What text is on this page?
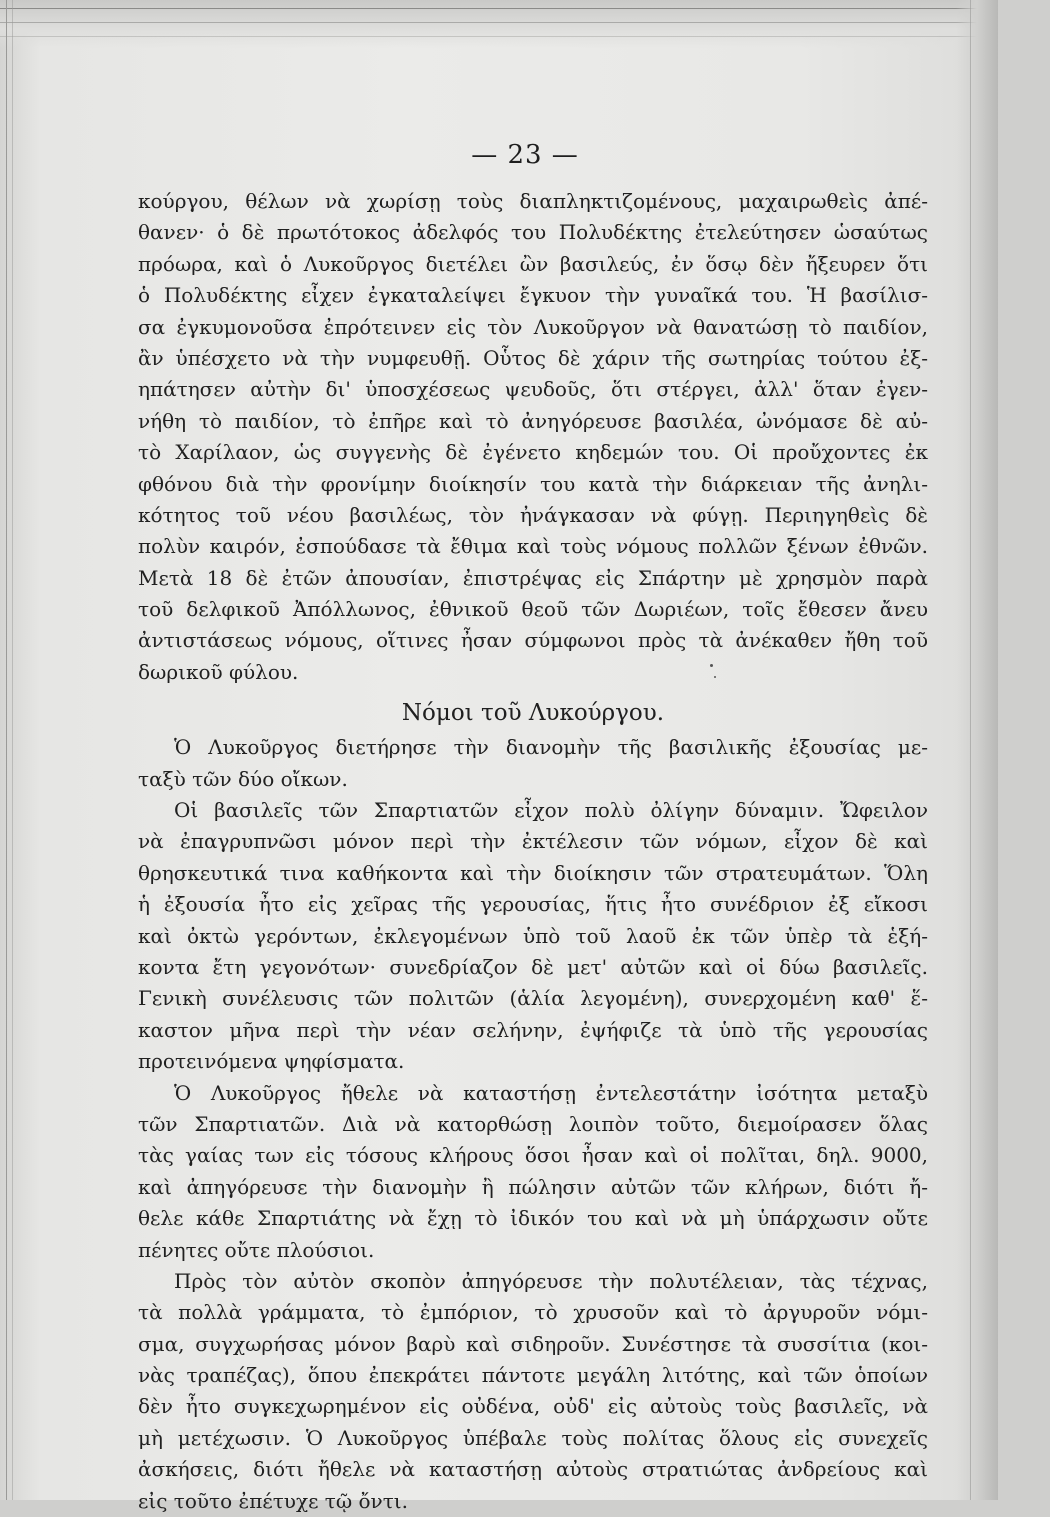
— 23 —
κούργου, θέλων νὰ χωρίσῃ τοὺς διαπληκτιζομένους, μαχαιρωθεὶς ἀπέ-
θανεν· ὁ δὲ πρωτότοκος ἀδελφός του Πολυδέκτης ἐτελεύτησεν ὡσαύτως
πρόωρα, καὶ ὁ Λυκοῦργος διετέλει ὢν βασιλεύς, ἐν ὅσῳ δὲν ἤξευρεν ὅτι
ὁ Πολυδέκτης εἶχεν ἐγκαταλείψει ἔγκυον τὴν γυναῖκά του. Ἡ βασίλισ-
σα ἐγκυμονοῦσα ἐπρότεινεν εἰς τὸν Λυκοῦργον νὰ θανατώσῃ τὸ παιδίον,
ἂν ὑπέσχετο νὰ τὴν νυμφευθῇ. Οὗτος δὲ χάριν τῆς σωτηρίας τούτου ἐξ-
ηπάτησεν αὐτὴν δι' ὑποσχέσεως ψευδοῦς, ὅτι στέργει, ἀλλ' ὅταν ἐγεν-
νήθη τὸ παιδίον, τὸ ἐπῆρε καὶ τὸ ἀνηγόρευσε βασιλέα, ὠνόμασε δὲ αὐ-
τὸ Χαρίλαον, ὡς συγγενὴς δὲ ἐγένετο κηδεμών του. Οἱ προὔχοντες ἐκ
φθόνου διὰ τὴν φρονίμην διοίκησίν του κατὰ τὴν διάρκειαν τῆς ἀνηλι-
κότητος τοῦ νέου βασιλέως, τὸν ἠνάγκασαν νὰ φύγῃ. Περιηγηθεὶς δὲ
πολὺν καιρόν, ἐσπούδασε τὰ ἔθιμα καὶ τοὺς νόμους πολλῶν ξένων ἐθνῶν.
Μετὰ 18 δὲ ἐτῶν ἀπουσίαν, ἐπιστρέψας εἰς Σπάρτην μὲ χρησμὸν παρὰ
τοῦ δελφικοῦ Ἀπόλλωνος, ἐθνικοῦ θεοῦ τῶν Δωριέων, τοῖς ἔθεσεν ἄνευ
ἀντιστάσεως νόμους, οἵτινες ἦσαν σύμφωνοι πρὸς τὰ ἀνέκαθεν ἤθη τοῦ
δωρικοῦ φύλου.
Νόμοι τοῦ Λυκούργου.
Ὁ Λυκοῦργος διετήρησε τὴν διανομὴν τῆς βασιλικῆς ἐξουσίας με-
ταξὺ τῶν δύο οἴκων.
Οἱ βασιλεῖς τῶν Σπαρτιατῶν εἶχον πολὺ ὀλίγην δύναμιν. Ὤφειλον
νὰ ἐπαγρυπνῶσι μόνον περὶ τὴν ἐκτέλεσιν τῶν νόμων, εἶχον δὲ καὶ
θρησκευτικά τινα καθήκοντα καὶ τὴν διοίκησιν τῶν στρατευμάτων. Ὅλη
ἡ ἐξουσία ἦτο εἰς χεῖρας τῆς γερουσίας, ἥτις ἦτο συνέδριον ἐξ εἴκοσι
καὶ ὀκτὼ γερόντων, ἐκλεγομένων ὑπὸ τοῦ λαοῦ ἐκ τῶν ὑπὲρ τὰ ἑξή-
κοντα ἔτη γεγονότων· συνεδρίαζον δὲ μετ' αὐτῶν καὶ οἱ δύω βασιλεῖς.
Γενικὴ συνέλευσις τῶν πολιτῶν (ἁλία λεγομένη), συνερχομένη καθ' ἕ-
καστον μῆνα περὶ τὴν νέαν σελήνην, ἐψήφιζε τὰ ὑπὸ τῆς γερουσίας
προτεινόμενα ψηφίσματα.
Ὁ Λυκοῦργος ἤθελε νὰ καταστήσῃ ἐντελεστάτην ἰσότητα μεταξὺ
τῶν Σπαρτιατῶν. Διὰ νὰ κατορθώσῃ λοιπὸν τοῦτο, διεμοίρασεν ὅλας
τὰς γαίας των εἰς τόσους κλήρους ὅσοι ἦσαν καὶ οἱ πολῖται, δηλ. 9000,
καὶ ἀπηγόρευσε τὴν διανομὴν ἢ πώλησιν αὐτῶν τῶν κλήρων, διότι ἤ-
θελε κάθε Σπαρτιάτης νὰ ἔχῃ τὸ ἰδικόν του καὶ νὰ μὴ ὑπάρχωσιν οὔτε
πένητες οὔτε πλούσιοι.
Πρὸς τὸν αὐτὸν σκοπὸν ἀπηγόρευσε τὴν πολυτέλειαν, τὰς τέχνας,
τὰ πολλὰ γράμματα, τὸ ἐμπόριον, τὸ χρυσοῦν καὶ τὸ ἀργυροῦν νόμι-
σμα, συγχωρήσας μόνον βαρὺ καὶ σιδηροῦν. Συνέστησε τὰ συσσίτια (κοι-
νὰς τραπέζας), ὅπου ἐπεκράτει πάντοτε μεγάλη λιτότης, καὶ τῶν ὁποίων
δὲν ἦτο συγκεχωρημένον εἰς οὐδένα, οὐδ' εἰς αὐτοὺς τοὺς βασιλεῖς, νὰ
μὴ μετέχωσιν. Ὁ Λυκοῦργος ὑπέβαλε τοὺς πολίτας ὅλους εἰς συνεχεῖς
ἀσκήσεις, διότι ἤθελε νὰ καταστήσῃ αὐτοὺς στρατιώτας ἀνδρείους καὶ
εἰς τοῦτο ἐπέτυχε τῷ ὄντι.
